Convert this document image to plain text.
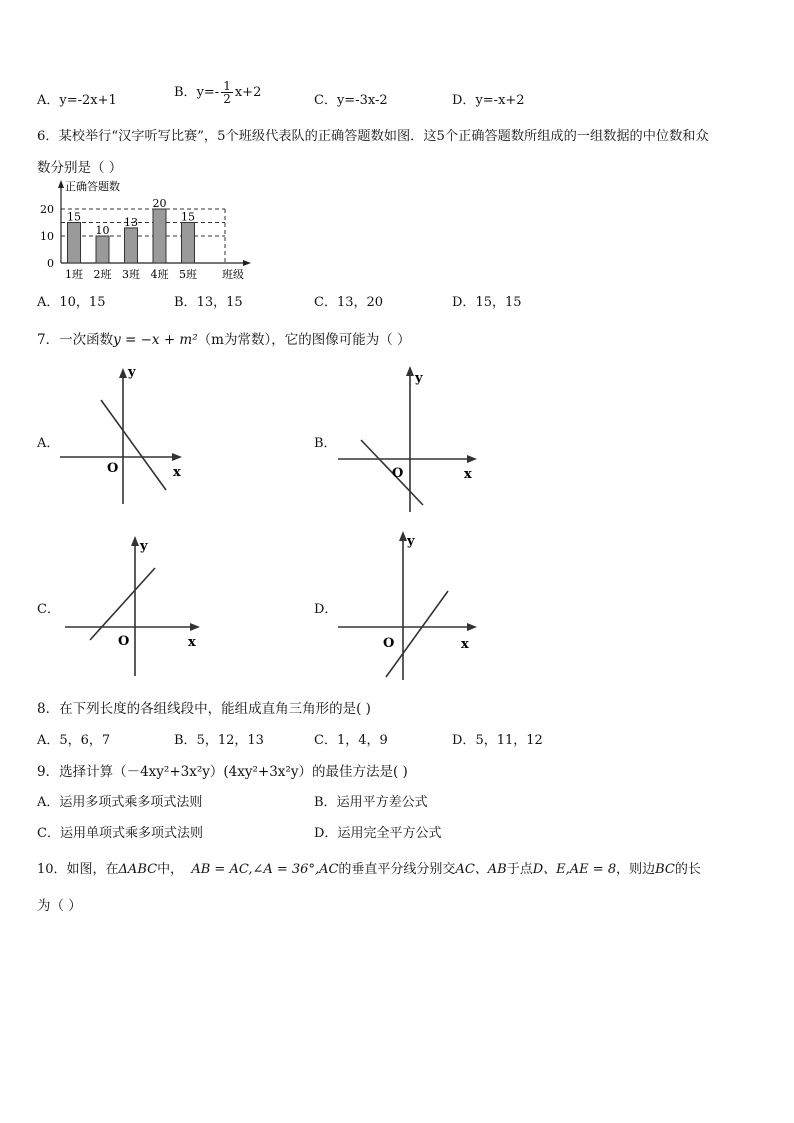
A．y=-2x+1
B．$y=- \frac{1}{2} x+2$
C．y=-3x-2	D．y=-x+2
6．某校举行“汉字听写比赛”，5个班级代表队的正确答题数如图．这5个正确答题数所组成的一组数据的中位数和众
数分别是（ ）
0
10
20
正确答题数
班级
15
1班
10
2班
13
3班
20
4班
15
5班
A．10，15	B．13，15	C．13，20	D．15，15
7．一次函数y = −x + m²（m为常数），它的图像可能为（ ）
A．
y
x
O
B．
y
x
O
C．
y
x
O
D．
y
x
O
8．在下列长度的各组线段中，能组成直角三角形的是( )
A．5，6，7	B．5，12，13	C．1，4，9	D．5，11，12
9．选择计算（－4xy²+3x²y）(4xy²+3x²y）的最佳方法是( )
A．运用多项式乘多项式法则	B．运用平方差公式
C．运用单项式乘多项式法则	D．运用完全平方公式
10．如图，在ΔABC中， AB = AC,∠A = 36°,AC的垂直平分线分别交AC、AB于点D、E,AE = 8，则边BC的长
为（ ）
